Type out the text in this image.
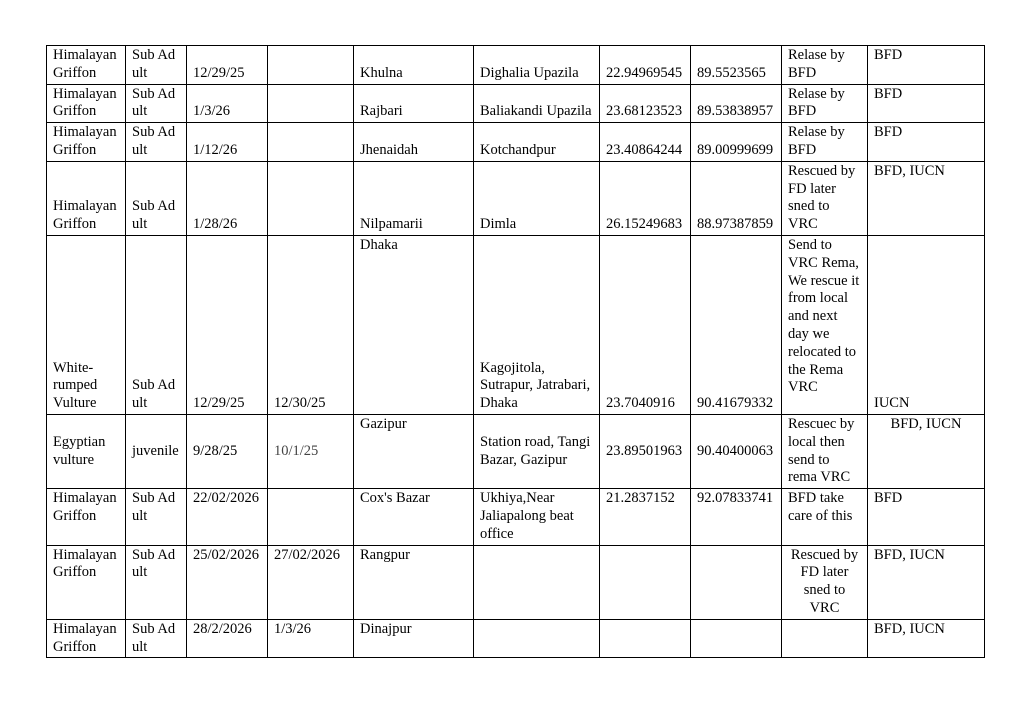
Himalayan Griffon	Sub Adult	12/29/25		Khulna	Dighalia Upazila	22.94969545	89.5523565	Relase by BFD	BFD
Himalayan Griffon	Sub Adult	1/3/26		Rajbari	Baliakandi Upazila	23.68123523	89.53838957	Relase by BFD	BFD
Himalayan Griffon	Sub Adult	1/12/26		Jhenaidah	Kotchandpur	23.40864244	89.00999699	Relase by BFD	BFD
Himalayan Griffon	Sub Adult	1/28/26		Nilpamarii	Dimla	26.15249683	88.97387859	Rescued by FD later sned to VRC	BFD, IUCN
White-rumped Vulture	Sub Adult	12/29/25	12/30/25	Dhaka	Kagojitola, Sutrapur, Jatrabari, Dhaka	23.7040916	90.41679332	Send to VRC Rema, We rescue it from local and next day we relocated to the Rema VRC	IUCN
Egyptian vulture	juvenile	9/28/25	10/1/25	Gazipur	Station road, Tangi Bazar, Gazipur	23.89501963	90.40400063	Rescuec by local then send to rema VRC	BFD, IUCN
Himalayan Griffon	Sub Adult	22/02/2026		Cox's Bazar	Ukhiya,Near Jaliapalong beat office	21.2837152	92.07833741	BFD take care of this	BFD
Himalayan Griffon	Sub Adult	25/02/2026	27/02/2026	Rangpur				Rescued by FD later sned to VRC	BFD, IUCN
Himalayan Griffon	Sub Adult	28/2/2026	1/3/26	Dinajpur					BFD, IUCN
